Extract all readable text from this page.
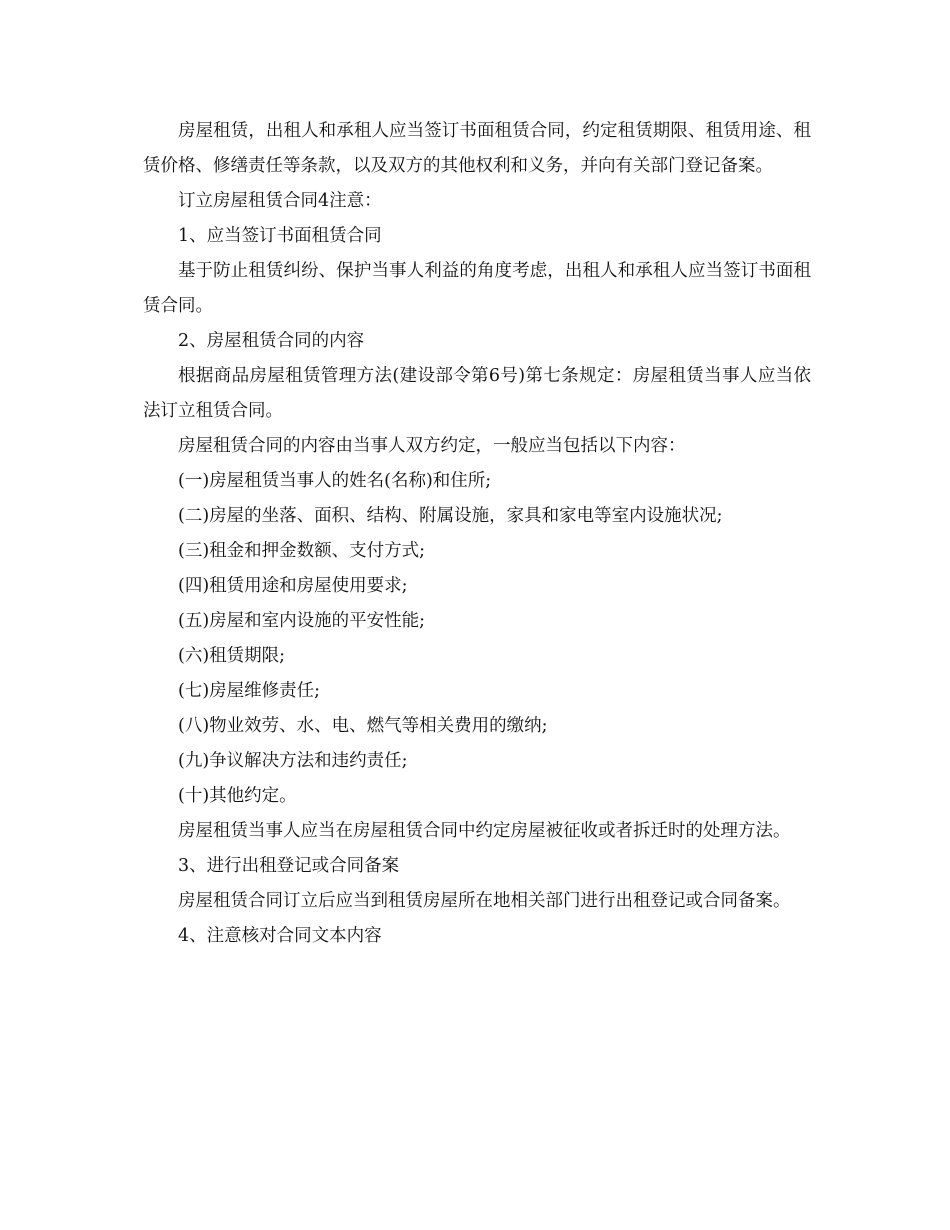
房屋租赁，出租人和承租人应当签订书面租赁合同，约定租赁期限、租赁用途、租赁价格、修缮责任等条款，以及双方的其他权利和义务，并向有关部门登记备案。

订立房屋租赁合同4注意：

1、应当签订书面租赁合同

基于防止租赁纠纷、保护当事人利益的角度考虑，出租人和承租人应当签订书面租赁合同。

2、房屋租赁合同的内容

根据商品房屋租赁管理方法(建设部令第6号)第七条规定：房屋租赁当事人应当依法订立租赁合同。

房屋租赁合同的内容由当事人双方约定，一般应当包括以下内容：

(一)房屋租赁当事人的姓名(名称)和住所;

(二)房屋的坐落、面积、结构、附属设施，家具和家电等室内设施状况;

(三)租金和押金数额、支付方式;

(四)租赁用途和房屋使用要求;

(五)房屋和室内设施的平安性能;

(六)租赁期限;

(七)房屋维修责任;

(八)物业效劳、水、电、燃气等相关费用的缴纳;

(九)争议解决方法和违约责任;

(十)其他约定。

房屋租赁当事人应当在房屋租赁合同中约定房屋被征收或者拆迁时的处理方法。

3、进行出租登记或合同备案

房屋租赁合同订立后应当到租赁房屋所在地相关部门进行出租登记或合同备案。

4、注意核对合同文本内容
